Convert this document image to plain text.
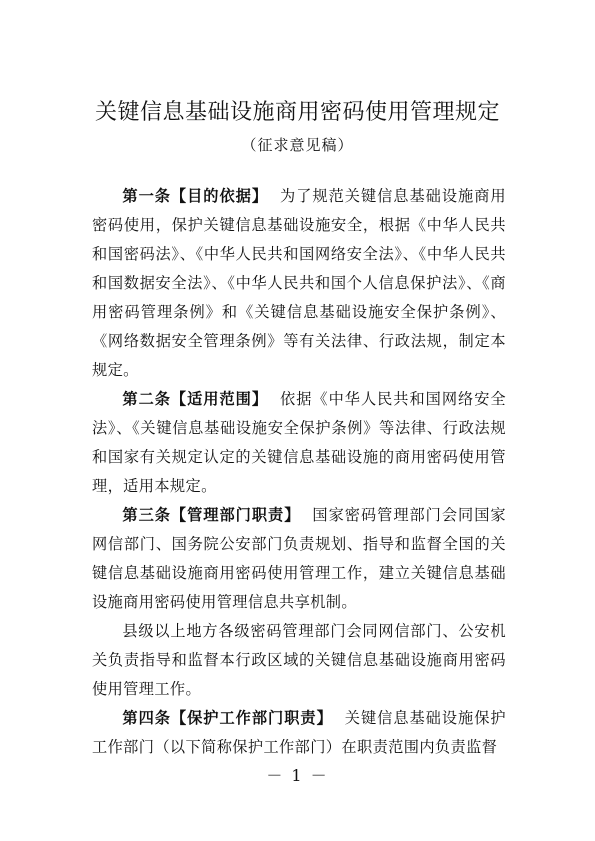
关键信息基础设施商用密码使用管理规定
（征求意见稿）

第一条【目的依据】 为了规范关键信息基础设施商用密码使用，保护关键信息基础设施安全，根据《中华人民共和国密码法》、《中华人民共和国网络安全法》、《中华人民共和国数据安全法》、《中华人民共和国个人信息保护法》、《商用密码管理条例》和《关键信息基础设施安全保护条例》、《网络数据安全管理条例》等有关法律、行政法规，制定本规定。

第二条【适用范围】 依据《中华人民共和国网络安全法》、《关键信息基础设施安全保护条例》等法律、行政法规和国家有关规定认定的关键信息基础设施的商用密码使用管理，适用本规定。

第三条【管理部门职责】 国家密码管理部门会同国家网信部门、国务院公安部门负责规划、指导和监督全国的关键信息基础设施商用密码使用管理工作，建立关键信息基础设施商用密码使用管理信息共享机制。

县级以上地方各级密码管理部门会同网信部门、公安机关负责指导和监督本行政区域的关键信息基础设施商用密码使用管理工作。

第四条【保护工作部门职责】 关键信息基础设施保护工作部门（以下简称保护工作部门）在职责范围内负责监督

－ 1 －
